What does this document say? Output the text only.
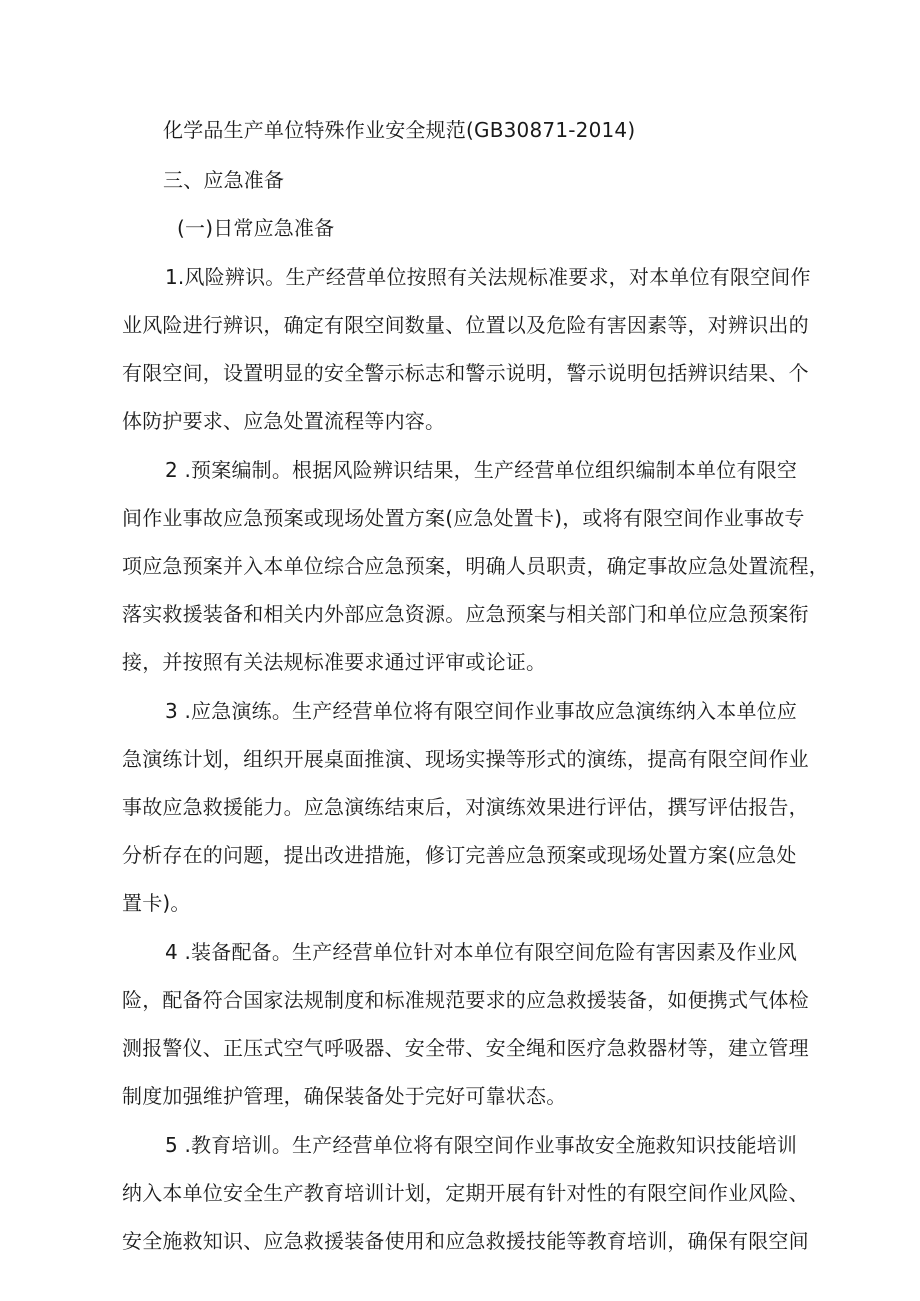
化学品生产单位特殊作业安全规范(GB30871-2014)
三、应急准备
(一)日常应急准备
1.风险辨识。生产经营单位按照有关法规标准要求，对本单位有限空间作
业风险进行辨识，确定有限空间数量、位置以及危险有害因素等，对辨识出的
有限空间，设置明显的安全警示标志和警示说明，警示说明包括辨识结果、个
体防护要求、应急处置流程等内容。
2 .预案编制。根据风险辨识结果，生产经营单位组织编制本单位有限空
间作业事故应急预案或现场处置方案(应急处置卡)，或将有限空间作业事故专
项应急预案并入本单位综合应急预案，明确人员职责，确定事故应急处置流程，
落实救援装备和相关内外部应急资源。应急预案与相关部门和单位应急预案衔
接，并按照有关法规标准要求通过评审或论证。
3 .应急演练。生产经营单位将有限空间作业事故应急演练纳入本单位应
急演练计划，组织开展桌面推演、现场实操等形式的演练，提高有限空间作业
事故应急救援能力。应急演练结束后，对演练效果进行评估，撰写评估报告，
分析存在的问题，提出改进措施，修订完善应急预案或现场处置方案(应急处
置卡)。
4 .装备配备。生产经营单位针对本单位有限空间危险有害因素及作业风
险，配备符合国家法规制度和标准规范要求的应急救援装备，如便携式气体检
测报警仪、正压式空气呼吸器、安全带、安全绳和医疗急救器材等，建立管理
制度加强维护管理，确保装备处于完好可靠状态。
5 .教育培训。生产经营单位将有限空间作业事故安全施救知识技能培训
纳入本单位安全生产教育培训计划，定期开展有针对性的有限空间作业风险、
安全施救知识、应急救援装备使用和应急救援技能等教育培训，确保有限空间
